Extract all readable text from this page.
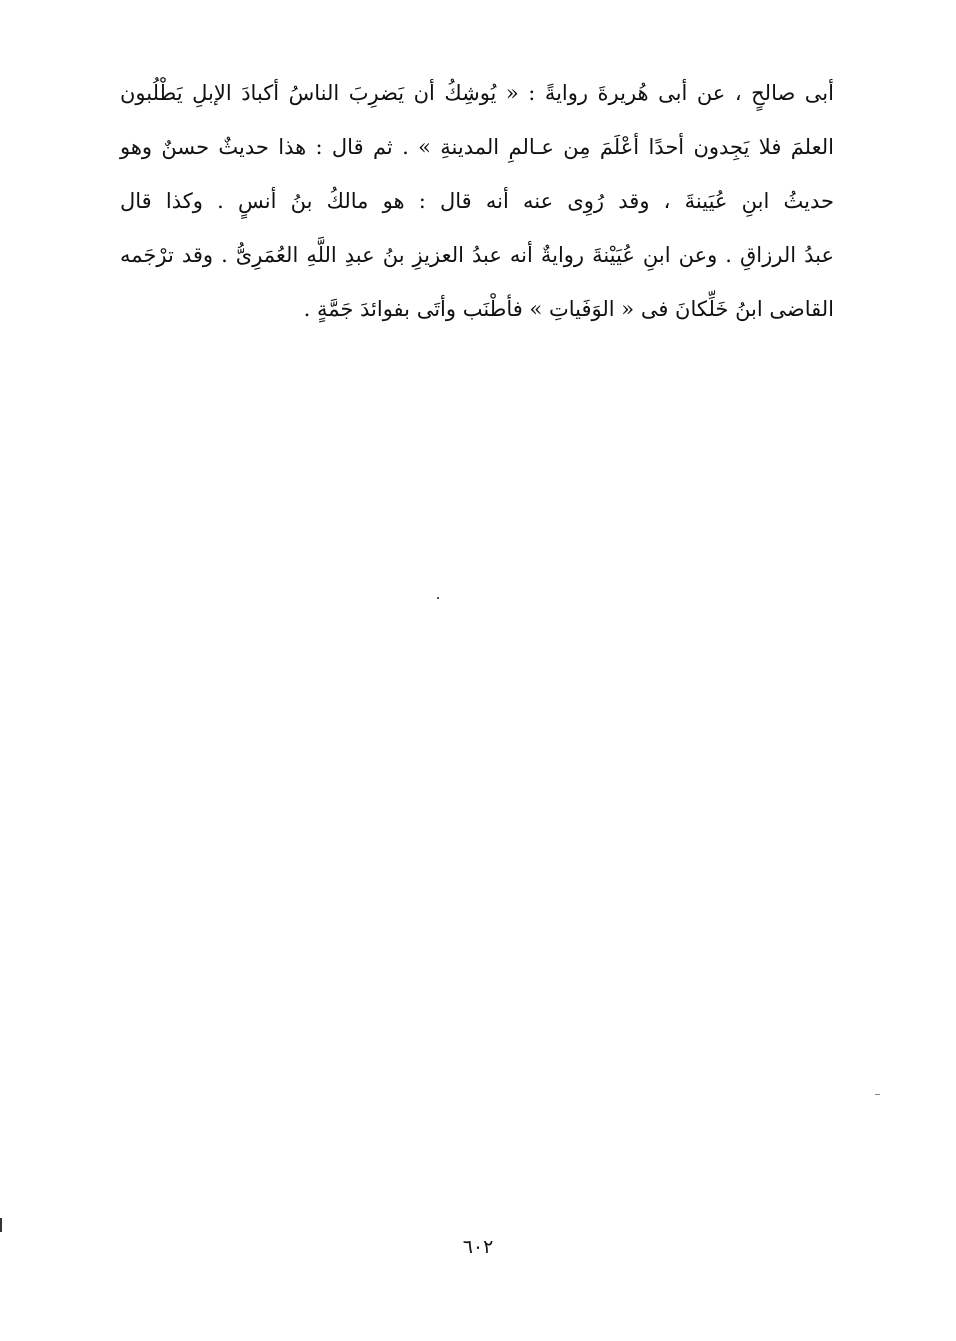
أبى صالحٍ ، عن أبى هُريرةَ روايةً : « يُوشِكُ أن يَضرِبَ الناسُ أكبادَ الإبلِ يَطْلُبون
العلمَ فلا يَجِدون أحدًا أعْلَمَ مِن عـالمِ المدينةِ » . ثم قال : هذا حديثٌ حسنٌ وهو
حديثُ ابنِ عُيَينةَ ، وقد رُوِى عنه أنه قال : هو مالكُ بنُ أنسٍ . وكذا قال
عبدُ الرزاقِ . وعن ابنِ عُيَيْنةَ روايةٌ أنه عبدُ العزيزِ بنُ عبدِ اللَّهِ العُمَرِىُّ . وقد ترْجَمه
القاضى ابنُ خَلِّكانَ فى « الوَفَياتِ » فأطْنَب وأتَى بفوائدَ جَمَّةٍ .
٦٠٢
